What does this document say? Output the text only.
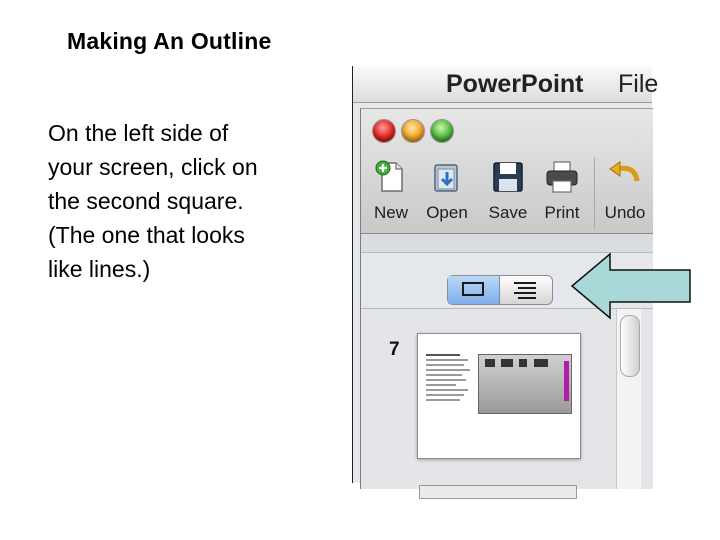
Making An Outline
On the left side of your screen, click on the second square. (The one that looks like lines.)
PowerPoint File
New	Open	Save	Print	Undo
7
